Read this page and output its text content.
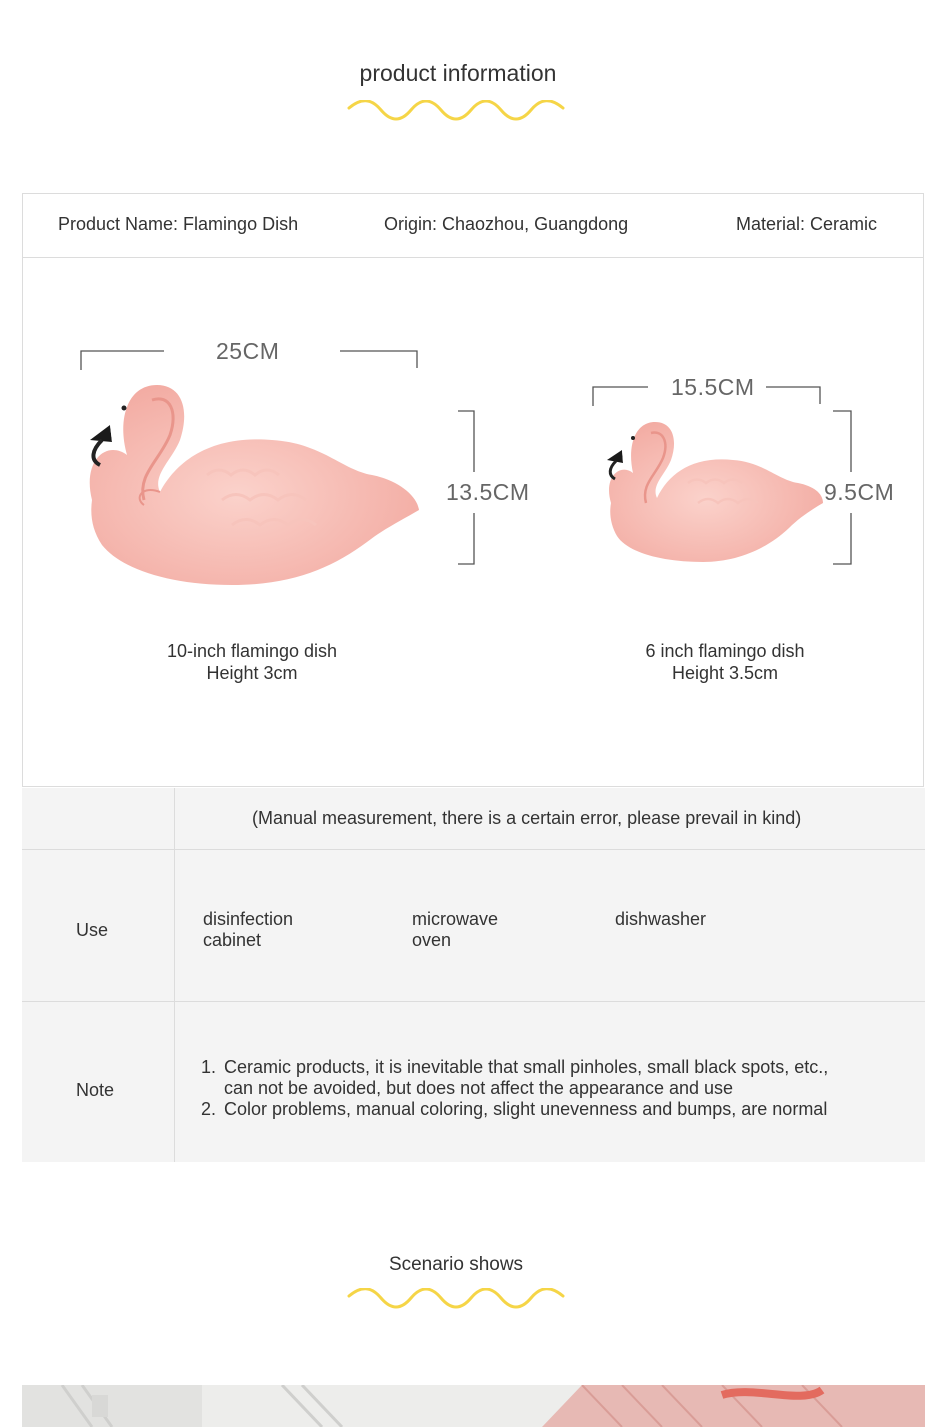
product information
Product Name: Flamingo Dish	Origin: Chaozhou, Guangdong	Material: Ceramic
25CM
13.5CM
10-inch flamingo dish
Height 3cm
15.5CM
9.5CM
6 inch flamingo dish
Height 3.5cm
(Manual measurement, there is a certain error, please prevail in kind)
Use
disinfection
cabinet
microwave
oven
dishwasher
Note
1. Ceramic products, it is inevitable that small pinholes, small black spots, etc.,
can not be avoided, but does not affect the appearance and use
2. Color problems, manual coloring, slight unevenness and bumps, are normal
Scenario shows
